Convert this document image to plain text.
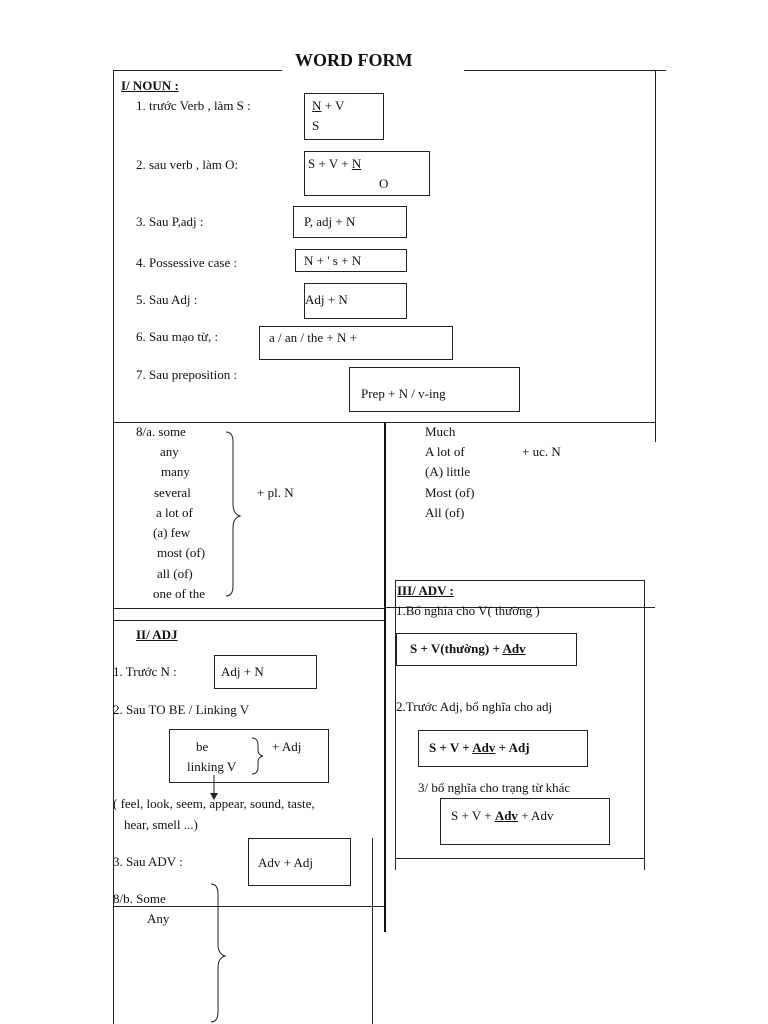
WORD FORM
I/ NOUN :
1. trước Verb , làm S :	N + V
S
2. sau verb , làm O:	S + V + N
O
3. Sau P,adj :	P, adj + N
4. Possessive case :	N + ' s + N
5. Sau Adj :	Adj + N
6. Sau mạo từ, :	a / an / the + N +
7. Sau preposition :
Prep + N / v-ing
8/a. some
any
many
several
a lot of
(a) few
most (of)
all (of)
one of the
+ pl. N
Much
A lot of
(A) little
Most (of)
All (of)
+ uc. N
II/ ADJ
1. Trước N :	Adj + N
2. Sau TO BE / Linking V
be
linking V
+ Adj
( feel, look, seem, appear, sound, taste,
hear, smell ...)
3. Sau ADV :	Adv + Adj
8/b. Some
Any
III/ ADV :
1.Bổ nghĩa cho V( thường )
S + V(thường) + Adv
2.Trước Adj, bổ nghĩa cho adj
S + V + Adv + Adj
3/ bổ nghĩa cho trạng từ khác
S + V + Adv + Adv
